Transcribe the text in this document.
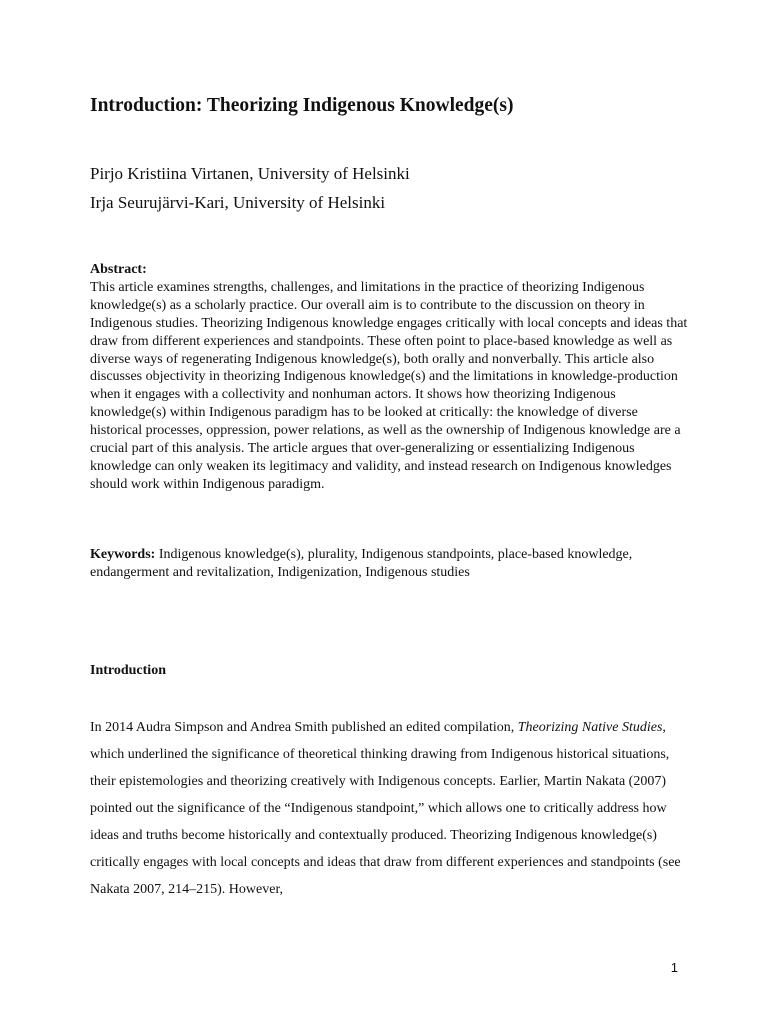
Introduction: Theorizing Indigenous Knowledge(s)
Pirjo Kristiina Virtanen, University of Helsinki
Irja Seurujärvi-Kari, University of Helsinki
Abstract:
This article examines strengths, challenges, and limitations in the practice of theorizing Indigenous knowledge(s) as a scholarly practice. Our overall aim is to contribute to the discussion on theory in Indigenous studies. Theorizing Indigenous knowledge engages critically with local concepts and ideas that draw from different experiences and standpoints. These often point to place-based knowledge as well as diverse ways of regenerating Indigenous knowledge(s), both orally and nonverbally. This article also discusses objectivity in theorizing Indigenous knowledge(s) and the limitations in knowledge-production when it engages with a collectivity and nonhuman actors. It shows how theorizing Indigenous knowledge(s) within Indigenous paradigm has to be looked at critically: the knowledge of diverse historical processes, oppression, power relations, as well as the ownership of Indigenous knowledge are a crucial part of this analysis. The article argues that over-generalizing or essentializing Indigenous knowledge can only weaken its legitimacy and validity, and instead research on Indigenous knowledges should work within Indigenous paradigm.
Keywords: Indigenous knowledge(s), plurality, Indigenous standpoints, place-based knowledge, endangerment and revitalization, Indigenization, Indigenous studies
Introduction

In 2014 Audra Simpson and Andrea Smith published an edited compilation, Theorizing Native Studies, which underlined the significance of theoretical thinking drawing from Indigenous historical situations, their epistemologies and theorizing creatively with Indigenous concepts. Earlier, Martin Nakata (2007) pointed out the significance of the “Indigenous standpoint,” which allows one to critically address how ideas and truths become historically and contextually produced. Theorizing Indigenous knowledge(s) critically engages with local concepts and ideas that draw from different experiences and standpoints (see Nakata 2007, 214–215). However,

1
